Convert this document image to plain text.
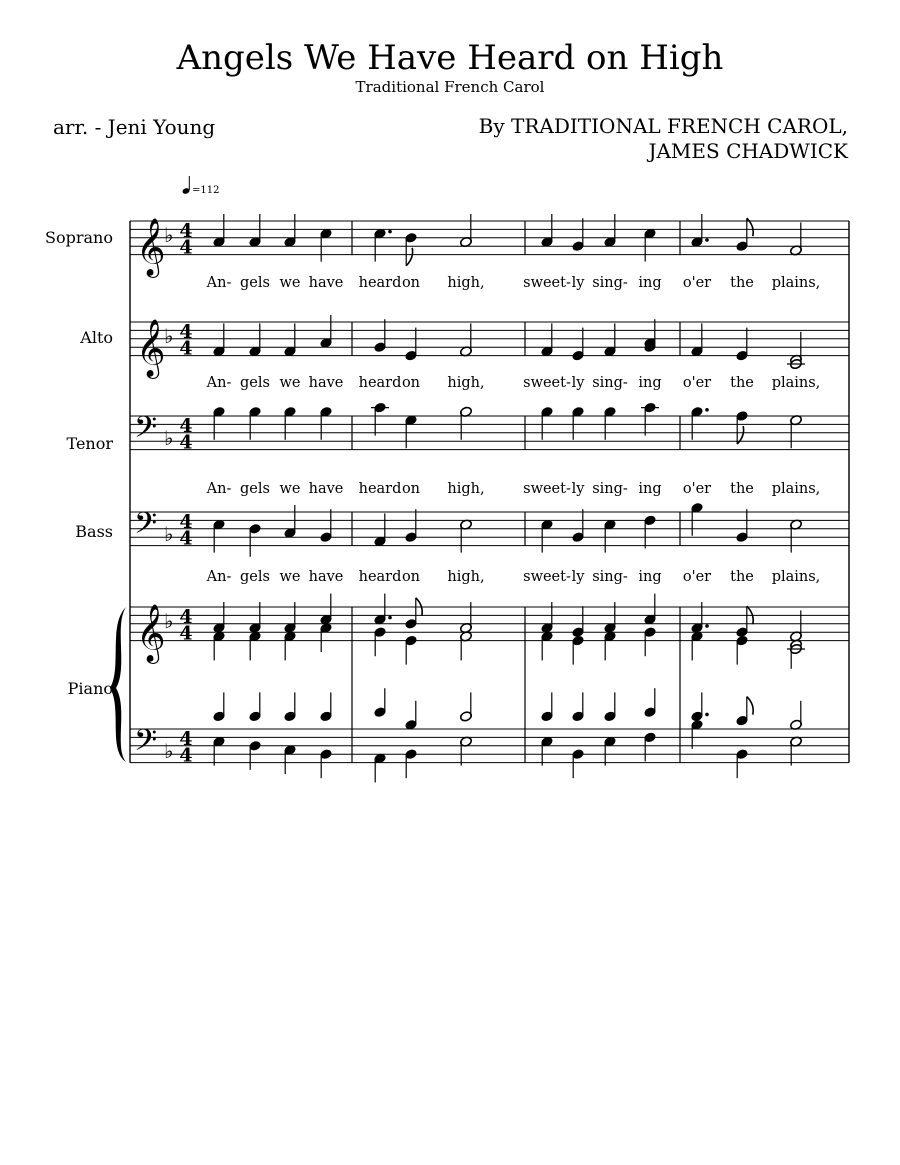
Angels We Have Heard on High
Traditional French Carol
arr. - Jeni Young	By TRADITIONAL FRENCH CAROL,
JAMES CHADWICK
Soprano
Alto
Tenor
Bass
Piano
𝄞
♭ 4
4
𝄞
♭ 4
4
𝄢 ♭
4
4
𝄢 ♭
4
4
𝄞
♭ 4
4
𝄢 ♭
4
4
=112
An- gels we have heard on high,	sweet- ly sing- ing o'er the plains,
An- gels we have heard on high,	sweet- ly sing- ing o'er the plains,
An- gels we have heard on high,	sweet- ly sing- ing o'er the plains,
An- gels we have heard on high,	sweet- ly sing- ing o'er the plains,
